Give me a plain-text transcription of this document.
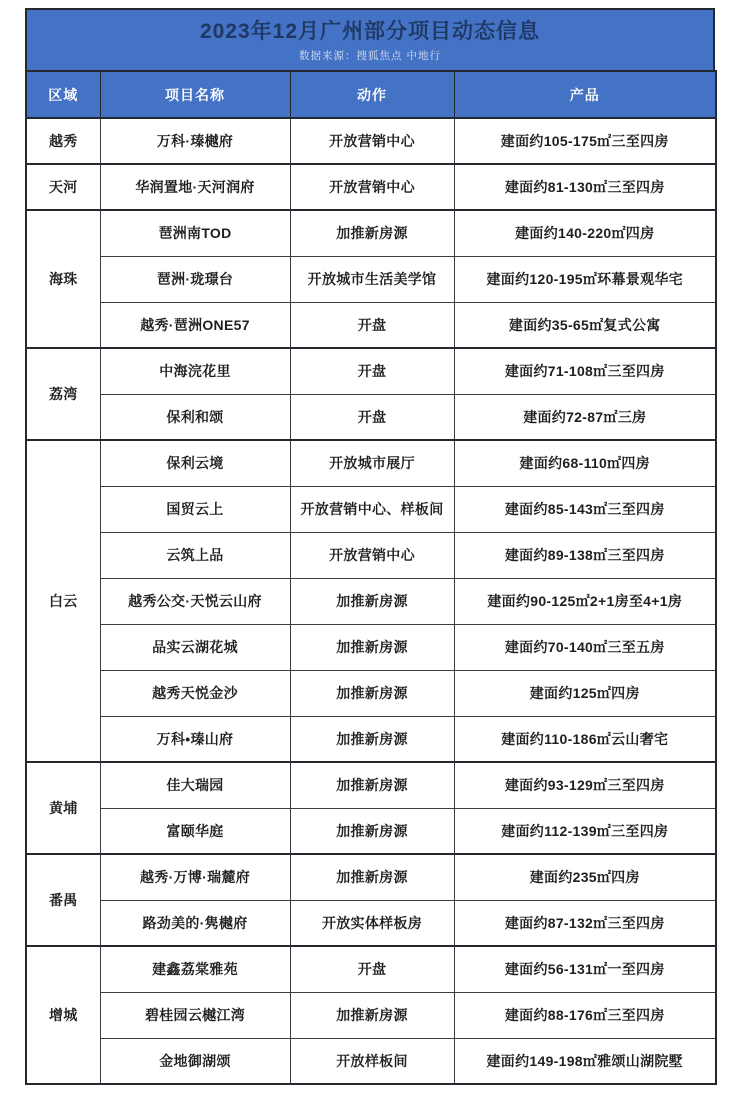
2023年12月广州部分项目动态信息
数据来源：搜狐焦点 中地行
区域	项目名称	动作	产品
越秀	万科·瑧樾府	开放营销中心	建面约105-175㎡三至四房
天河	华润置地·天河润府	开放营销中心	建面约81-130㎡三至四房
海珠	琶洲南TOD	加推新房源	建面约140-220㎡四房
	琶洲·珑璟台	开放城市生活美学馆	建面约120-195㎡环幕景观华宅
	越秀·琶洲ONE57	开盘	建面约35-65㎡复式公寓
荔湾	中海浣花里	开盘	建面约71-108㎡三至四房
	保利和颂	开盘	建面约72-87㎡三房
白云	保利云境	开放城市展厅	建面约68-110㎡四房
	国贸云上	开放营销中心、样板间	建面约85-143㎡三至四房
	云筑上品	开放营销中心	建面约89-138㎡三至四房
	越秀公交·天悦云山府	加推新房源	建面约90-125㎡2+1房至4+1房
	品实云湖花城	加推新房源	建面约70-140㎡三至五房
	越秀天悦金沙	加推新房源	建面约125㎡四房
	万科•瑧山府	加推新房源	建面约110-186㎡云山奢宅
黄埔	佳大瑞园	加推新房源	建面约93-129㎡三至四房
	富颐华庭	加推新房源	建面约112-139㎡三至四房
番禺	越秀·万博·瑞麓府	加推新房源	建面约235㎡四房
	路劲美的·隽樾府	开放实体样板房	建面约87-132㎡三至四房
增城	建鑫荔棠雅苑	开盘	建面约56-131㎡一至四房
	碧桂园云樾江湾	加推新房源	建面约88-176㎡三至四房
	金地御湖颂	开放样板间	建面约149-198㎡雅颂山湖院墅
